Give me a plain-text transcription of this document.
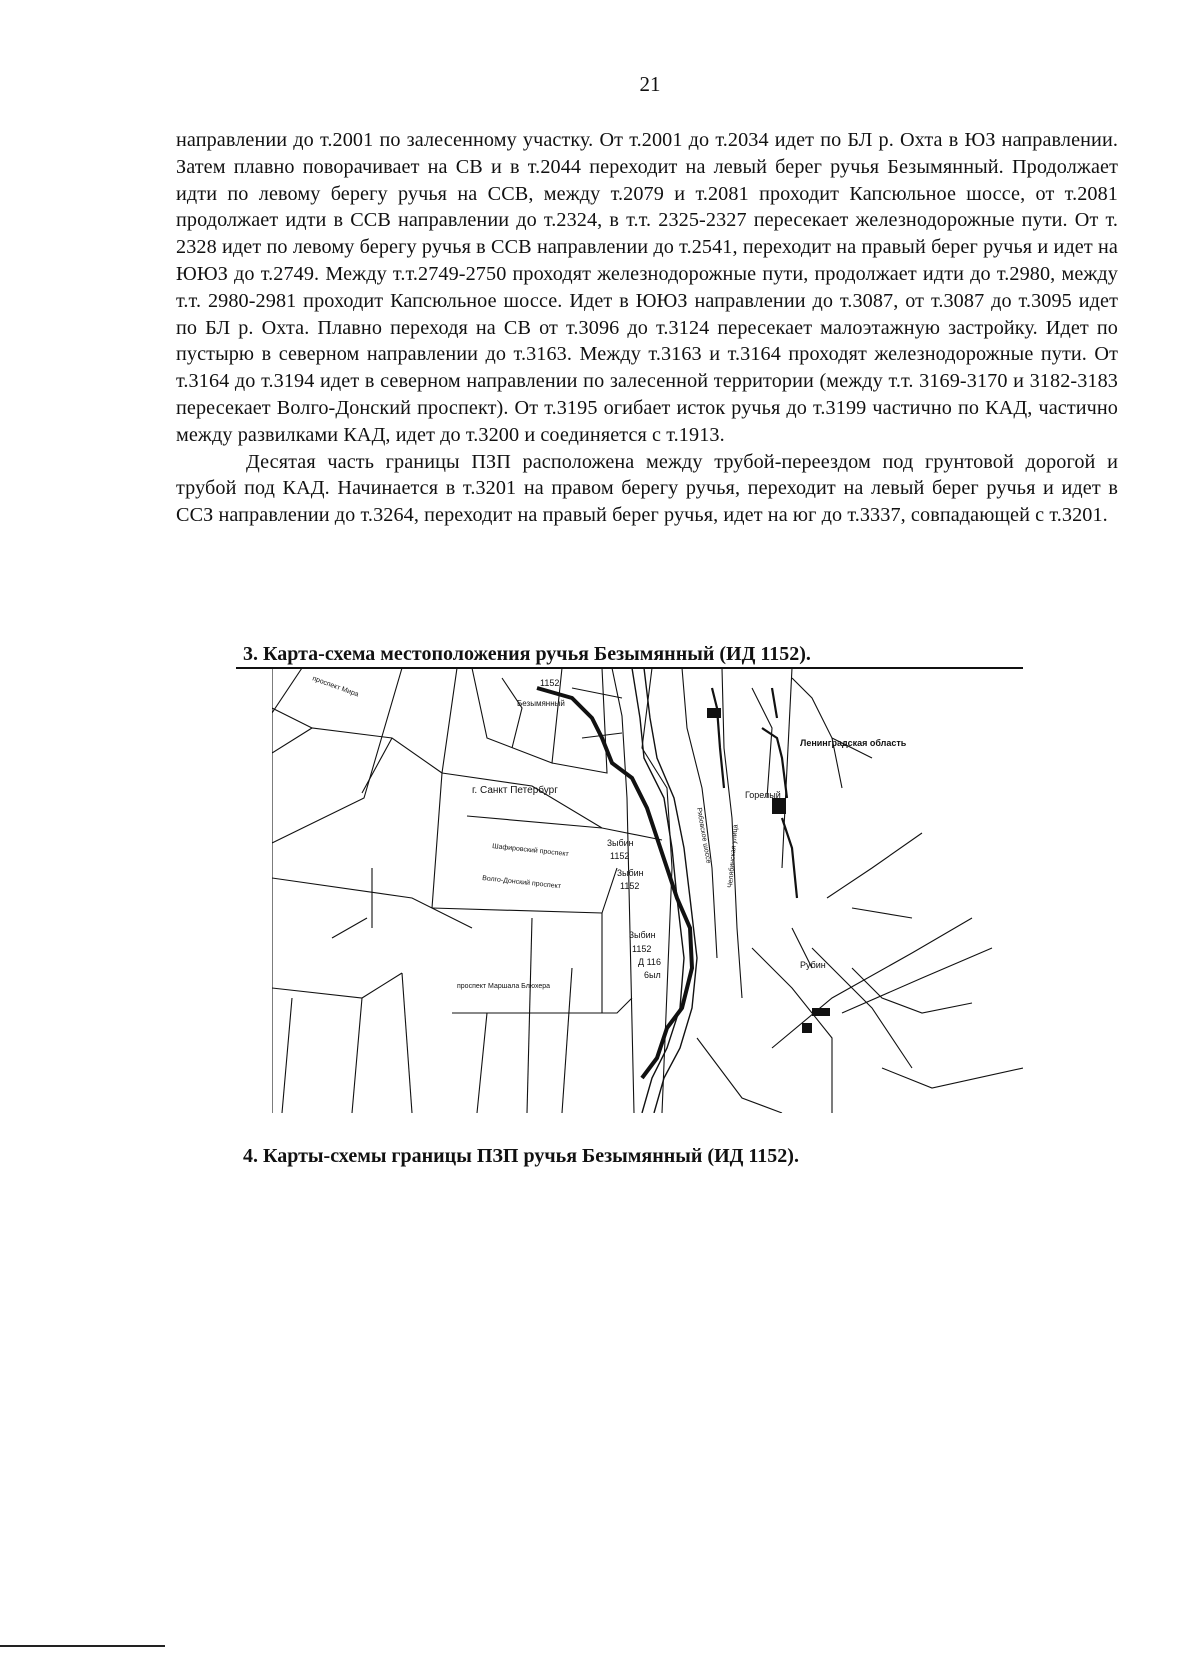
21

направлении до т.2001 по залесенному участку. От т.2001 до т.2034 идет по БЛ р. Охта в ЮЗ направлении. Затем плавно поворачивает на СВ и в т.2044 переходит на левый берег ручья Безымянный. Продолжает идти по левому берегу ручья на ССВ, между т.2079 и т.2081 проходит Капсюльное шоссе, от т.2081 продолжает идти в ССВ направлении до т.2324, в т.т. 2325-2327 пересекает железнодорожные пути. От т. 2328 идет по левому берегу ручья в ССВ направлении до т.2541, переходит на правый берег ручья и идет на ЮЮЗ до т.2749. Между т.т.2749-2750 проходят железнодорожные пути, продолжает идти до т.2980, между т.т. 2980-2981 проходит Капсюльное шоссе. Идет в ЮЮЗ направлении до т.3087, от т.3087 до т.3095 идет по БЛ р. Охта. Плавно переходя на СВ от т.3096 до т.3124 пересекает малоэтажную застройку. Идет по пустырю в северном направлении до т.3163. Между т.3163 и т.3164 проходят железнодорожные пути. От т.3164 до т.3194 идет в северном направлении по залесенной территории (между т.т. 3169-3170 и 3182-3183 пересекает Волго-Донский проспект). От т.3195 огибает исток ручья до т.3199 частично по КАД, частично между развилками КАД, идет до т.3200 и соединяется с т.1913.

Десятая часть границы ПЗП расположена между трубой-переездом под грунтовой дорогой и трубой под КАД. Начинается в т.3201 на правом берегу ручья, переходит на левый берег ручья и идет в ССЗ направлении до т.3264, переходит на правый берег ручья, идет на юг до т.3337, совпадающей с т.3201.

3. Карта-схема местоположения ручья Безымянный (ИД 1152).
Ленинградская область
г. Санкт Петербург	Горелый
1152
Безымянный
3ыбин
1152
3ыбин
1152
3ыбин
1152
Д 116
6ыл
Шафировский проспект
Волго-Донский проспект
проспект Маршала Блюхера
проспект Мира
Рябовское шоссе Челябинская улица
Рубин
4. Карты-схемы границы ПЗП ручья Безымянный (ИД 1152).
